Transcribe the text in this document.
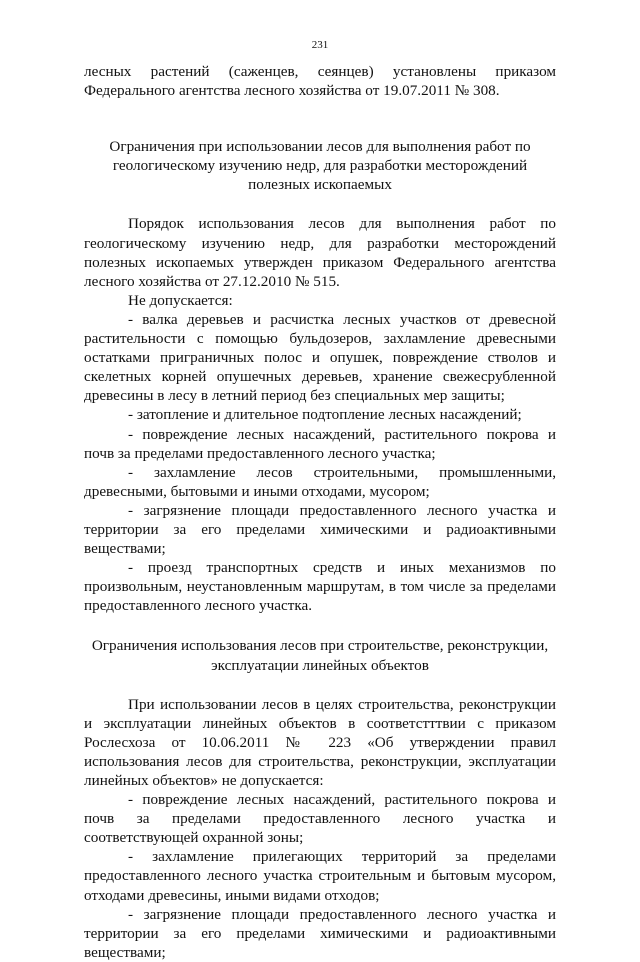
231

лесных растений (саженцев, сеянцев) установлены приказом Федерального агентства лесного хозяйства от 19.07.2011 № 308.

Ограничения при использовании лесов для выполнения работ по геологическому изучению недр, для разработки месторождений полезных ископаемых

Порядок использования лесов для выполнения работ по геологическому изучению недр, для разработки месторождений полезных ископаемых утвержден приказом Федерального агентства лесного хозяйства от 27.12.2010 № 515.

Не допускается:

- валка деревьев и расчистка лесных участков от древесной растительности с помощью бульдозеров, захламление древесными остатками приграничных полос и опушек, повреждение стволов и скелетных корней опушечных деревьев, хранение свежесрубленной древесины в лесу в летний период без специальных мер защиты;

- затопление и длительное подтопление лесных насаждений;

- повреждение лесных насаждений, растительного покрова и почв за пределами предоставленного лесного участка;

- захламление лесов строительными, промышленными, древесными, бытовыми и иными отходами, мусором;

- загрязнение площади предоставленного лесного участка и территории за его пределами химическими и радиоактивными веществами;

- проезд транспортных средств и иных механизмов по произвольным, неустановленным маршрутам, в том числе за пределами предоставленного лесного участка.

Ограничения использования лесов при строительстве, реконструкции, эксплуатации линейных объектов

При использовании лесов в целях строительства, реконструкции и эксплуатации линейных объектов в соответстттвии с приказом Рослесхоза от 10.06.2011 № 223 «Об утверждении правил использования лесов для строительства, реконструкции, эксплуатации линейных объектов» не допускается:

- повреждение лесных насаждений, растительного покрова и почв за пределами предоставленного лесного участка и соответствующей охранной зоны;

- захламление прилегающих территорий за пределами предоставленного лесного участка строительным и бытовым мусором, отходами древесины, иными видами отходов;

- загрязнение площади предоставленного лесного участка и территории за его пределами химическими и радиоактивными веществами;
